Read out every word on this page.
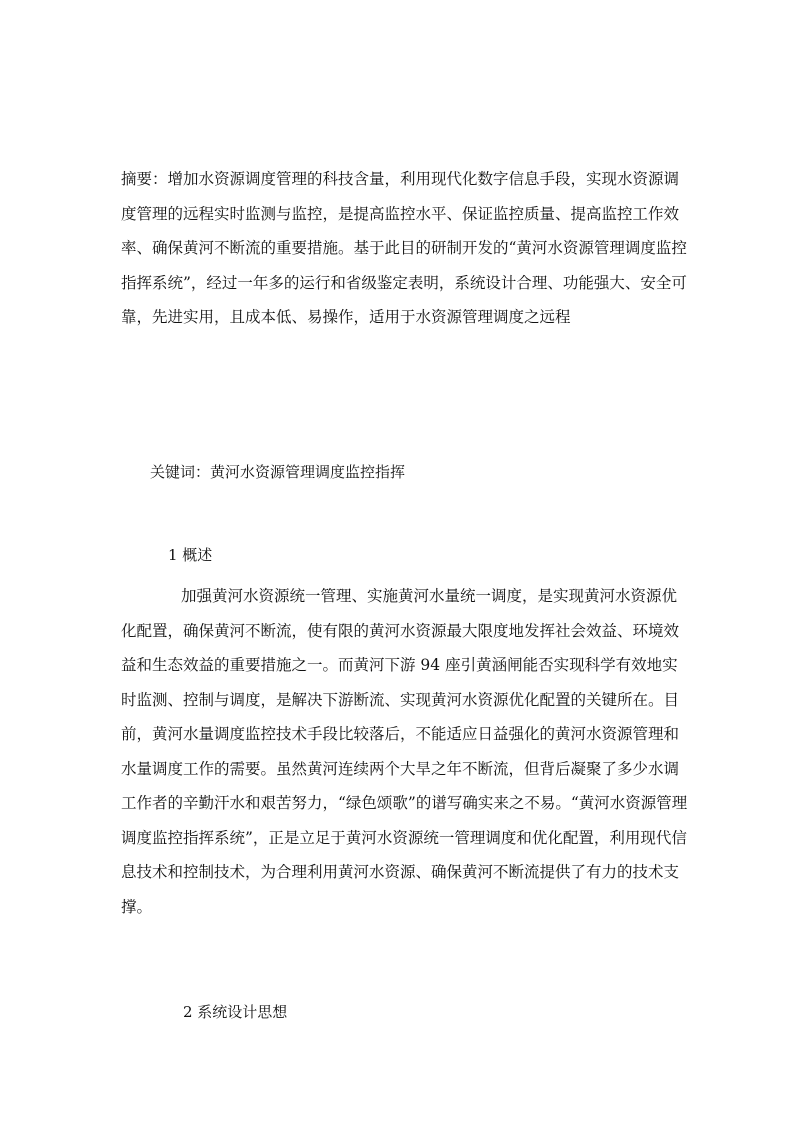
摘要：增加水资源调度管理的科技含量，利用现代化数字信息手段，实现水资源调度管理的远程实时监测与监控，是提高监控水平、保证监控质量、提高监控工作效率、确保黄河不断流的重要措施。基于此目的研制开发的“黄河水资源管理调度监控指挥系统”，经过一年多的运行和省级鉴定表明，系统设计合理、功能强大、安全可靠，先进实用，且成本低、易操作，适用于水资源管理调度之远程
关键词：黄河水资源管理调度监控指挥
1 概述
加强黄河水资源统一管理、实施黄河水量统一调度，是实现黄河水资源优化配置，确保黄河不断流，使有限的黄河水资源最大限度地发挥社会效益、环境效益和生态效益的重要措施之一。而黄河下游 94 座引黄涵闸能否实现科学有效地实时监测、控制与调度，是解决下游断流、实现黄河水资源优化配置的关键所在。目前，黄河水量调度监控技术手段比较落后，不能适应日益强化的黄河水资源管理和水量调度工作的需要。虽然黄河连续两个大旱之年不断流，但背后凝聚了多少水调工作者的辛勤汗水和艰苦努力，“绿色颂歌”的谱写确实来之不易。“黄河水资源管理调度监控指挥系统”，正是立足于黄河水资源统一管理调度和优化配置，利用现代信息技术和控制技术，为合理利用黄河水资源、确保黄河不断流提供了有力的技术支撑。
2 系统设计思想
